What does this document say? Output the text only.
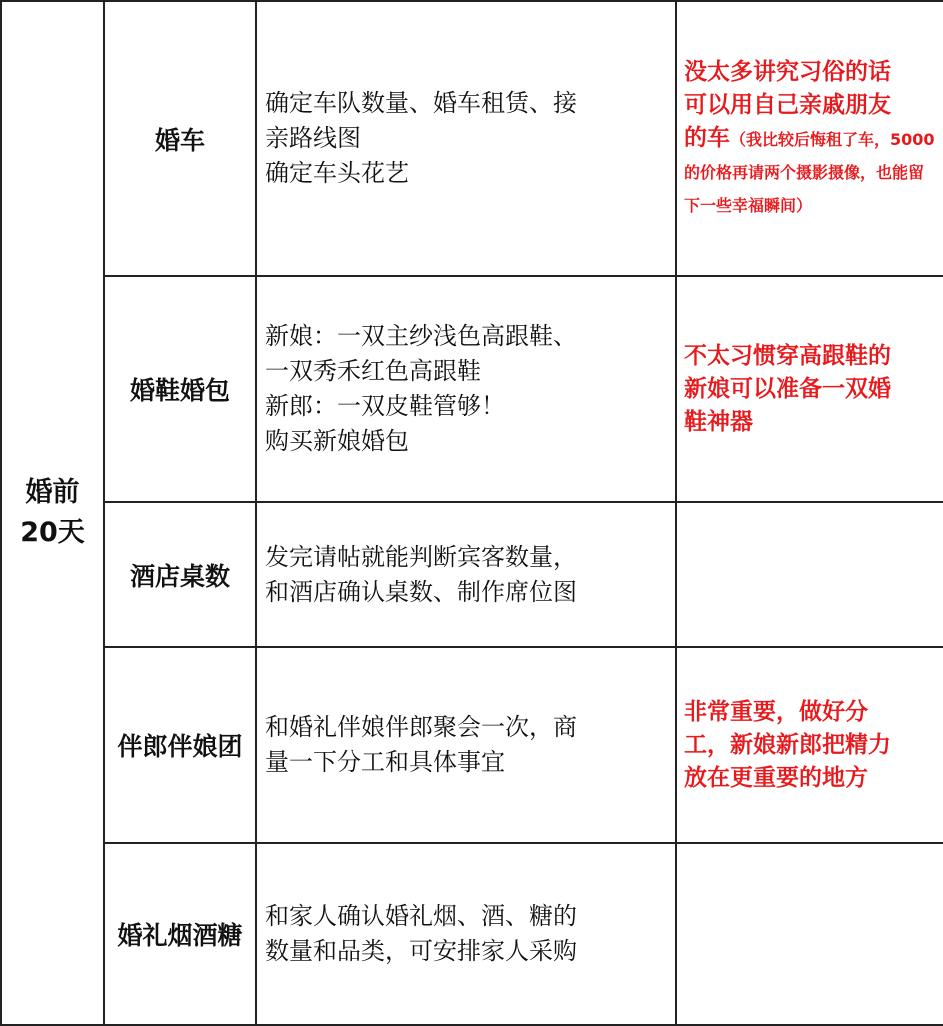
婚前
20天	婚车	确定车队数量、婚车租赁、接
亲路线图
确定车头花艺	没太多讲究习俗的话
可以用自己亲戚朋友
的车（我比较后悔租了车，5000的价格再请两个摄影摄像，也能留下一些幸福瞬间）
	婚鞋婚包	新娘：一双主纱浅色高跟鞋、
一双秀禾红色高跟鞋
新郎：一双皮鞋管够！
购买新娘婚包	不太习惯穿高跟鞋的
新娘可以准备一双婚
鞋神器

	酒店桌数	发完请帖就能判断宾客数量，
和酒店确认桌数、制作席位图	

	伴郎伴娘团	和婚礼伴娘伴郎聚会一次，商
量一下分工和具体事宜	非常重要，做好分
工，新娘新郎把精力
放在更重要的地方

	婚礼烟酒糖	和家人确认婚礼烟、酒、糖的
数量和品类，可安排家人采购	
